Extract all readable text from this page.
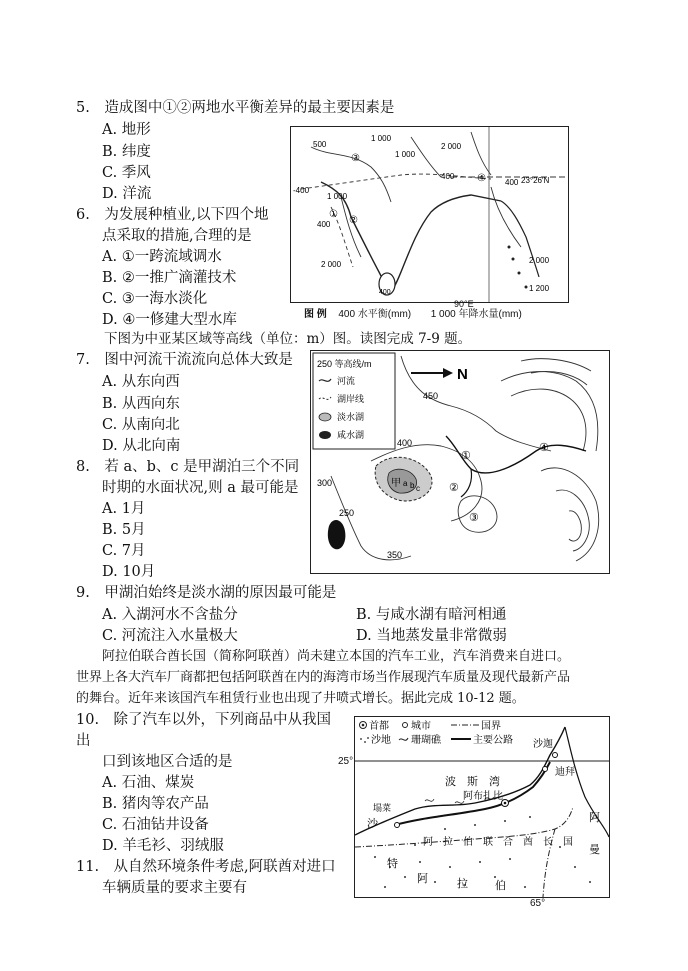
5.　造成图中①②两地水平衡差异的最主要因素是
A. 地形
B. 纬度
C. 季风
D. 洋流
6.　为发展种植业,以下四个地
点采取的措施,合理的是
A. ①一跨流域调水
B. ②一推广滴灌技术
C. ③一海水淡化
D. ④一修建大型水库
500
1 000
1 000
2 000
-400
1 000
400
400
2 000
400
2 000
1 200
400
①
②
③
④	23°26′N
90°E
图 例 400 水平衡(mm) 1 000 年降水量(mm)
下图为中亚某区域等高线（单位：m）图。读图完成 7-9 题。
7.　图中河流干流流向总体大致是
A. 从东向西
B. 从西向东
C. 从南向北
D. 从北向南
8.　若 a、b、c 是甲湖泊三个不同
时期的水面状况,则 a 最可能是
A. 1月
B. 5月
C. 7月
D. 10月
250 等高线/m
河流
湖岸线
淡水湖
咸水湖
N
甲 a b c
450
400
300
250
350
①
②
③
④
9.　甲湖泊始终是淡水湖的原因最可能是
A. 入湖河水不含盐分	B. 与咸水湖有暗河相通
C. 河流注入水量极大	D. 当地蒸发量非常微弱
阿拉伯联合酋长国（简称阿联酋）尚未建立本国的汽车工业，汽车消费来自进口。
世界上各大汽车厂商都把包括阿联酋在内的海湾市场当作展现汽车质量及现代最新产品
的舞台。近年来该国汽车租赁行业也出现了井喷式增长。据此完成 10-12 题。
10.　除了汽车以外，下列商品中从我国
出
口到该地区合适的是
A. 石油、煤炭
B. 猪肉等农产品
C. 石油钻井设备
D. 羊毛衫、羽绒服
11.　从自然环境条件考虑,阿联酋对进口
车辆质量的要求主要有
25°
首都 城市	国界
沙地 珊瑚礁	主要公路
波　斯　湾
阿布扎比
迪拜
沙迦
沙
特
阿	拉 伯
阿
曼
阿　拉　伯　联　合　酋　长　国
塌菜
65°
